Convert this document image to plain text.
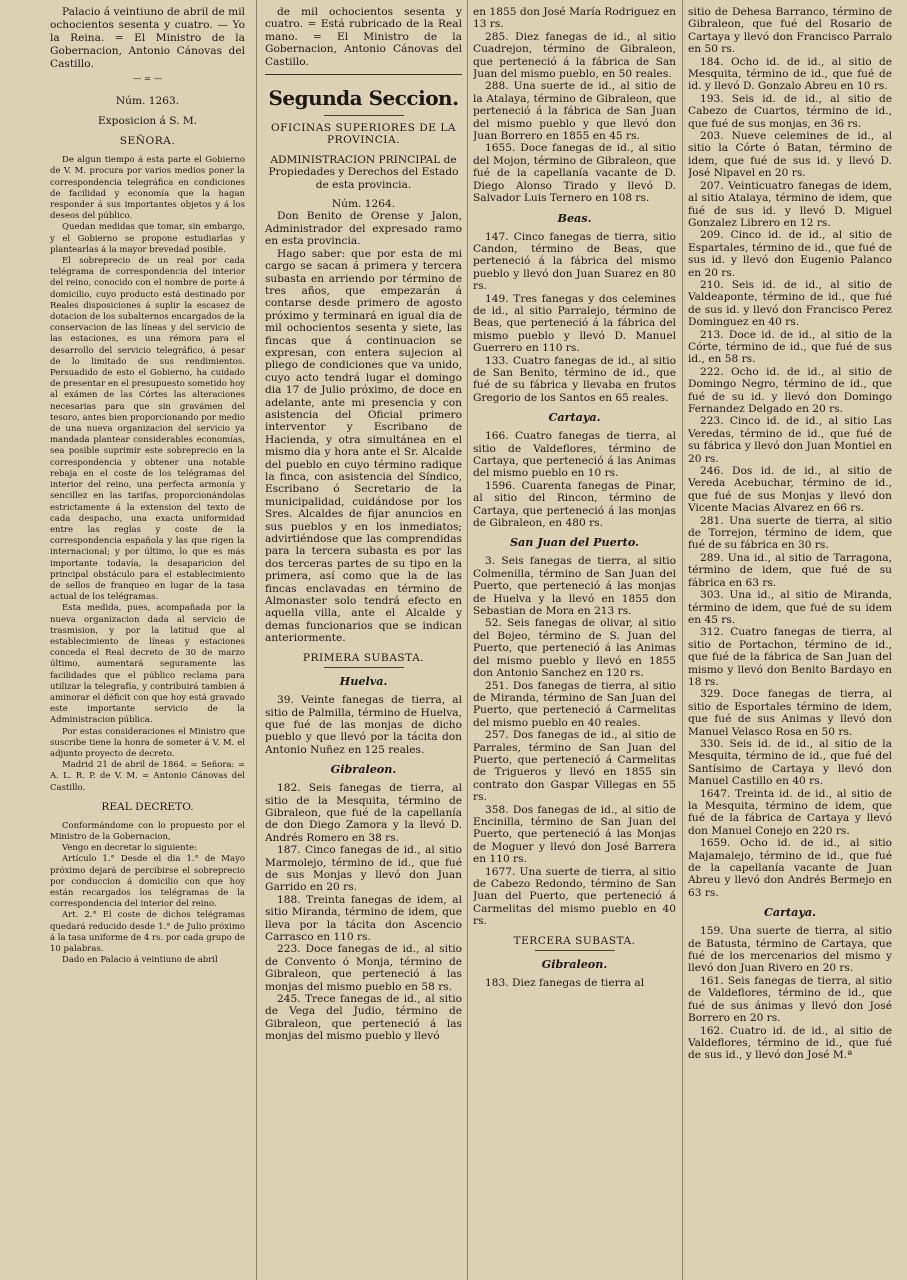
Palacio á veintiuno de abril de mil ochocientos sesenta y cuatro. — Yo la Reina. = El Ministro de la Gobernacion, Antonio Cánovas del Castillo.

— = —

Núm. 1263.

Exposicion á S. M.

SEÑORA.

De algun tiempo á esta parte el Gobierno de V. M. procura por varios medios poner la correspondencia telegráfica en condiciones de facilidad y economía que la hagan responder á sus importantes objetos y á los deseos del público.

Quedan medidas que tomar, sin embargo, y el Gobierno se propone estudiarlas y plantearlas á la mayor brevedad posible.

El sobreprecio de un real por cada telégrama de correspondencia del interior del reino, conocido con el nombre de porte á domicilio, cuyo producto está destinado por Reales disposiciones á suplir la escasez de dotacion de los subalternos encargados de la conservacion de las líneas y del servicio de las estaciones, es una rémora para el desarrollo del servicio telegráfico, á pesar de lo limitado de sus rendimientos. Persuadido de esto el Gobierno, ha cuidado de presentar en el presupuesto sometido hoy al exámen de las Córtes las alteraciones necesarias para que sin gravámen del tesoro, antes bien proporcionando por medio de una nueva organizacion del servicio ya mandada plantear considerables economías, sea posible suprimir este sobreprecio en la correspondencia y obtener una notable rebaja en el coste de los telégramas del interior del reino, una perfecta armonía y sencillez en las tarifas, proporcionándolas estrictamente á la extension del texto de cada despacho, una exacta uniformidad entre las reglas y coste de la correspondencia española y las que rigen la internacional; y por último, lo que es más importante todavía, la desaparicion del principal obstáculo para el establecimiento de sellos de franqueo en lugar de la tasa actual de los telégramas.

Esta medida, pues, acompañada por la nueva organizacion dada al servicio de trasmision, y por la latitud que al establecimiento de líneas y estaciones conceda el Real decreto de 30 de marzo último, aumentará seguramente las facilidades que el público reclama para utilizar la telegrafía, y contribuirá tambien á aminorar el déficit con que hoy está gravado este importante servicio de la Administracion pública.

Por estas consideraciones el Ministro que suscribe tiene la honra de someter á V. M. el adjunto proyecto de decreto.

Madrid 21 de abril de 1864. = Señora: = A. L. R. P. de V. M. = Antonio Cánovas del Castillo.

REAL DECRETO.

Conformándome con lo propuesto por el Ministro de la Gobernacion,

Vengo en decretar lo siguiente:

Artículo 1.° Desde el dia 1.° de Mayo próximo dejará de percibirse el sobreprecio por conduccion á domicilio con que hoy están recargados los telégramas de la correspondencia del interior del reino.

Art. 2.° El coste de dichos telégramas quedará reducido desde 1.° de Julio próximo á la tasa uniforme de 4 rs. por cada grupo de 10 palabras.

Dado en Palacio á veintiuno de abril

de mil ochocientos sesenta y cuatro. = Está rubricado de la Real mano. = El Ministro de la Gobernacion, Antonio Cánovas del Castillo.

Segunda Seccion.

OFICINAS SUPERIORES DE LA PROVINCIA.

ADMINISTRACION PRINCIPAL de Propiedades y Derechos del Estado de esta provincia.

Núm. 1264.

Don Benito de Orense y Jalon, Administrador del expresado ramo en esta provincia.

Hago saber: que por esta de mi cargo se sacan á primera y tercera subasta en arriendo por término de tres años, que empezarán á contarse desde primero de agosto próximo y terminará en igual dia de mil ochocientos sesenta y siete, las fincas que á continuacion se expresan, con entera sujecion al pliego de condiciones que va unido, cuyo acto tendrá lugar el domingo dia 17 de Julio próximo, de doce en adelante, ante mi presencia y con asistencia del Oficial primero interventor y Escribano de Hacienda, y otra simultánea en el mismo dia y hora ante el Sr. Alcalde del pueblo en cuyo término radique la finca, con asistencia del Síndico, Escribano ó Secretario de la municipalidad, cuidándose por los Sres. Alcaldes de fijar anuncios en sus pueblos y en los inmediatos; advirtiéndose que las comprendidas para la tercera subasta es por las dos terceras partes de su tipo en la primera, así como que la de las fincas enclavadas en término de Almonaster solo tendrá efecto en aquella villa, ante el Alcalde y demas funcionarios que se indican anteriormente.

PRIMERA SUBASTA.

Huelva.

39. Veinte fanegas de tierra, al sitio de Palmilla, término de Huelva, que fué de las monjas de dicho pueblo y que llevó por la tácita don Antonio Nuñez en 125 reales.

Gibraleon.

182. Seis fanegas de tierra, al sitio de la Mesquita, término de Gibraleon, que fué de la capellanía de don Diego Zamora y la llevó D. Andrés Romero en 38 rs.

187. Cinco fanegas de id., al sitio Marmolejo, término de id., que fué de sus Monjas y llevó don Juan Garrido en 20 rs.

188. Treinta fanegas de idem, al sitio Miranda, término de idem, que lleva por la tácita don Ascencio Carrasco en 110 rs.

223. Doce fanegas de id., al sitio de Convento ó Monja, término de Gibraleon, que perteneció á las monjas del mismo pueblo en 58 rs.

245. Trece fanegas de id., al sitio de Vega del Judio, término de Gibraleon, que perteneció á las monjas del mismo pueblo y llevó

en 1855 don José María Rodriguez en 13 rs.

285. Diez fanegas de id., al sitio Cuadrejon, término de Gibraleon, que perteneció á la fábrica de San Juan del mismo pueblo, en 50 reales.

288. Una suerte de id., al sitio de la Atalaya, término de Gibraleon, que perteneció á la fábrica de San Juan del mismo pueblo y que llevó don Juan Borrero en 1855 en 45 rs.

1655. Doce fanegas de id., al sitio del Mojon, término de Gibraleon, que fué de la capellanía vacante de D. Diego Alonso Tirado y llevó D. Salvador Luis Ternero en 108 rs.

Beas.

147. Cinco fanegas de tierra, sitio Candon, término de Beas, que perteneció á la fábrica del mismo pueblo y llevó don Juan Suarez en 80 rs.

149. Tres fanegas y dos celemines de id., al sitio Parralejo, término de Beas, que perteneció á la fábrica del mismo pueblo y llevó D. Manuel Guerrero en 110 rs.

133. Cuatro fanegas de id., al sitio de San Benito, término de id., que fué de su fábrica y llevaba en frutos Gregorio de los Santos en 65 reales.

Cartaya.

166. Cuatro fanegas de tierra, al sitio de Valdeflores, término de Cartaya, que perteneció á las Animas del mismo pueblo en 10 rs.

1596. Cuarenta fanegas de Pinar, al sitio del Rincon, término de Cartaya, que perteneció á las monjas de Gibraleon, en 480 rs.

San Juan del Puerto.

3. Seis fanegas de tierra, al sitio Colmenilla, término de San Juan del Puerto, que perteneció á las monjas de Huelva y la llevó en 1855 don Sebastian de Mora en 213 rs.

52. Seis fanegas de olivar, al sitio del Bojeo, término de S. Juan del Puerto, que perteneció á las Animas del mismo pueblo y llevó en 1855 don Antonio Sanchez en 120 rs.

251. Dos fanegas de tierra, al sitio de Miranda, término de San Juan del Puerto, que perteneció á Carmelitas del mismo pueblo en 40 reales.

257. Dos fanegas de id., al sitio de Parrales, término de San Juan del Puerto, que perteneció á Carmelitas de Trigueros y llevó en 1855 sin contrato don Gaspar Villegas en 55 rs.

358. Dos fanegas de id., al sitio de Encinilla, término de San Juan del Puerto, que perteneció á las Monjas de Moguer y llevó don José Barrera en 110 rs.

1677. Una suerte de tierra, al sitio de Cabezo Redondo, término de San Juan del Puerto, que perteneció á Carmelitas del mismo pueblo en 40 rs.

TERCERA SUBASTA.

Gibraleon.

183. Diez fanegas de tierra al

sitio de Dehesa Barranco, término de Gibraleon, que fué del Rosario de Cartaya y llevó don Francisco Parralo en 50 rs.

184. Ocho id. de id., al sitio de Mesquita, término de id., que fué de id. y llevó D. Gonzalo Abreu en 10 rs.

193. Seis id. de id., al sitio de Cabezo de Cuartos, término de id., que fué de sus monjas, en 36 rs.

203. Nueve celemines de id., al sitio la Córte ó Batan, término de idem, que fué de sus id. y llevó D. José Nipavel en 20 rs.

207. Veinticuatro fanegas de idem, al sitio Atalaya, término de idem, que fué de sus id. y llevó D. Miguel Gonzalez Librero en 12 rs.

209. Cinco id. de id., al sitio de Espartales, término de id., que fué de sus id. y llevó don Eugenio Palanco en 20 rs.

210. Seis id. de id., al sitio de Valdeaponte, término de id., que fué de sus id. y llevó don Francisco Perez Dominguez en 40 rs.

213. Doce id. de id., al sitio de la Córte, término de id., que fué de sus id., en 58 rs.

222. Ocho id. de id., al sitio de Domingo Negro, término de id., que fué de su id. y llevó don Domingo Fernandez Delgado en 20 rs.

223. Cinco id. de id., al sitio Las Veredas, término de id., que fué de su fábrica y llevó don Juan Montiel en 20 rs.

246. Dos id. de id., al sitio de Vereda Acebuchar, término de id., que fué de sus Monjas y llevó don Vicente Macias Alvarez en 66 rs.

281. Una suerte de tierra, al sitio de Torrejon, término de idem, que fué de su fábrica en 30 rs.

289. Una id., al sitio de Tarragona, término de idem, que fué de su fábrica en 63 rs.

303. Una id., al sitio de Miranda, término de idem, que fué de su idem en 45 rs.

312. Cuatro fanegas de tierra, al sitio de Portachon, término de id., que fué de la fábrica de San Juan del mismo y llevó don Benito Bardayo en 18 rs.

329. Doce fanegas de tierra, al sitio de Esportales término de idem, que fué de sus Animas y llevó don Manuel Velasco Rosa en 50 rs.

330. Seis id. de id., al sitio de la Mesquita, término de id., que fué del Santísimo de Cartaya y llevó don Manuel Castillo en 40 rs.

1647. Treinta id. de id., al sitio de la Mesquita, término de idem, que fué de la fábrica de Cartaya y llevó don Manuel Conejo en 220 rs.

1659. Ocho id. de id., al sitio Majamalejo, término de id., que fué de la capellanía vacante de Juan Abreu y llevó don Andrés Bermejo en 63 rs.

Cartaya.

159. Una suerte de tierra, al sitio de Batusta, término de Cartaya, que fué de los mercenarios del mismo y llevó don Juan Rivero en 20 rs.

161. Seis fanegas de tierra, al sitio de Valdeflores, término de id., que fué de sus ánimas y llevó don José Borrero en 20 rs.

162. Cuatro id. de id., al sitio de Valdeflores, término de id., que fué de sus id., y llevó don José M.ª
